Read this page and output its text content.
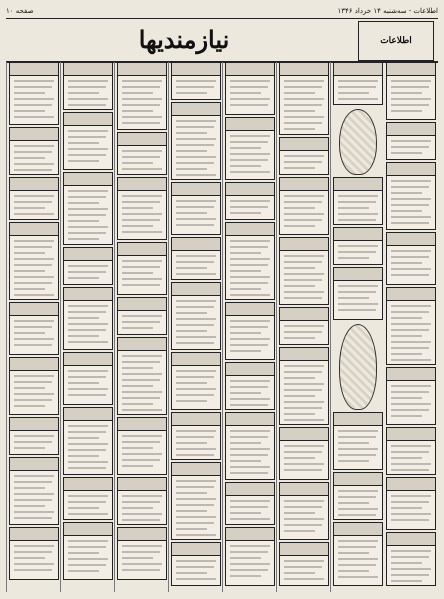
صفحه ۱۰	اطلاعات - سه‌شنبه ۱۴ خرداد ۱۳۴۶
اطلاعات
نیازمندیها
